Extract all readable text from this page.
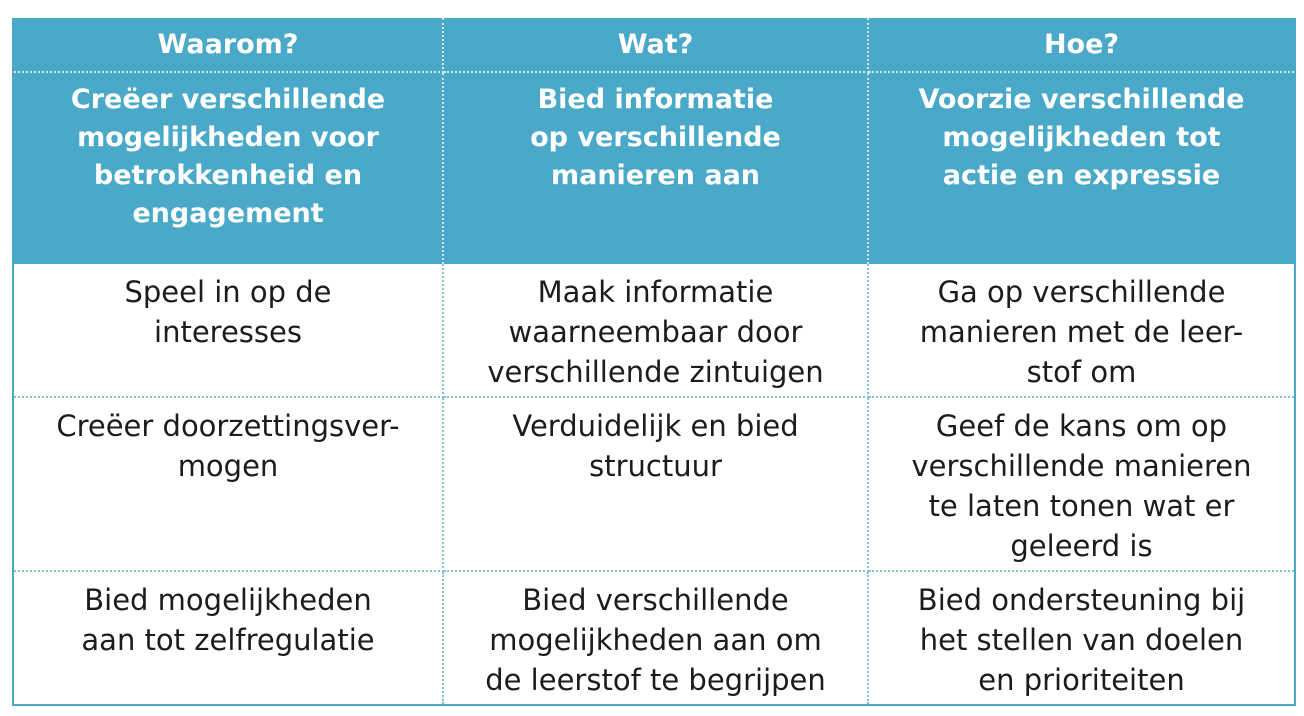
Waarom?	Wat?	Hoe?

Creëer verschillende
mogelijkheden voor
betrokkenheid en
engagement	Bied informatie
op verschillende
manieren aan	Voorzie verschillende
mogelijkheden tot
actie en expressie

Speel in op de
interesses	Maak informatie
waarneembaar door
verschillende zintuigen	Ga op verschillende
manieren met de leer-
stof om

Creëer doorzettingsver-
mogen	Verduidelijk en bied
structuur	Geef de kans om op
verschillende manieren
te laten tonen wat er
geleerd is

Bied mogelijkheden
aan tot zelfregulatie	Bied verschillende
mogelijkheden aan om
de leerstof te begrijpen	Bied ondersteuning bij
het stellen van doelen
en prioriteiten
